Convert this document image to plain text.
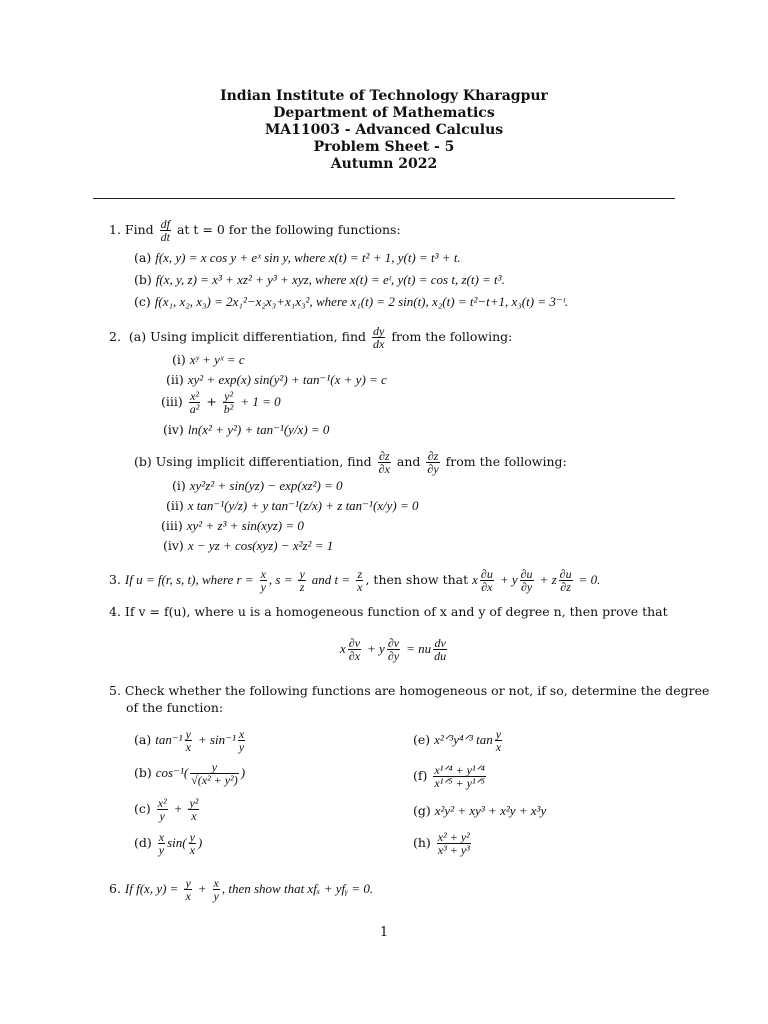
Indian Institute of Technology Kharagpur
Department of Mathematics
MA11003 - Advanced Calculus
Problem Sheet - 5
Autumn 2022
1. Find $\frac{df}{dt}$ at t = 0 for the following functions:
(a) f(x, y) = x cos y + eˣ sin y, where x(t) = t² + 1, y(t) = t³ + t.
(b) f(x, y, z) = x³ + xz² + y³ + xyz, where x(t) = eᵗ, y(t) = cos t, z(t) = t³.
(c) f(x₁, x₂, x₃) = 2x₁²−x₂x₃+x₁x₃², where x₁(t) = 2 sin(t), x₂(t) = t²−t+1, x₃(t) = 3⁻ᵗ.
2. (a) Using implicit differentiation, find $\frac{dy}{dx}$ from the following:
(i) xʸ + yˣ = c
(ii) xy² + exp(x) sin(y²) + tan⁻¹(x + y) = c
$(iii) \frac{\text{x²}}{\text{a²}} + \frac{\text{y²}}{\text{b²}} + 1 = 0$
(iv) ln(x² + y²) + tan⁻¹(y/x) = 0
(b) Using implicit differentiation, find $\frac{\partial z}{\partial x}$ and $\frac{\partial z}{\partial y}$ from the following:
(i) xy²z² + sin(yz) − exp(xz²) = 0
(ii) x tan⁻¹(y/z) + y tan⁻¹(z/x) + z tan⁻¹(x/y) = 0
(iii) xy² + z³ + sin(xyz) = 0
(iv) x − yz + cos(xyz) − x²z² = 1
3. If u = f(r, s, t), where $r = \frac{x}{y}$ , $s = \frac{y}{z}$ and $t = \frac{z}{x}$ , then show that x $\frac{\partial u}{\partial x} + y \frac{\partial u}{\partial y} + z \frac{\partial u}{\partial z} = 0$.
4. If v = f(u), where u is a homogeneous function of x and y of degree n, then prove that
x $\frac{\partial v}{\partial x} + y \frac{\partial v}{\partial y}$ = nu $\frac{dv}{du}$
5. Check whether the following functions are homogeneous or not, if so, determine the degree
of the function:
(a) $\tan^{-1} \frac{y}{x} + \sin^{-1} \frac{x}{y}$
(b) $\cos^{-1}( \frac{y}{\text{√(x² + y²)}}$ )
$(c) \frac{\text{x²}}{y} + \frac{\text{y²}}{x}$
$(d) \frac{x}{y} \sin( \frac{y}{x}$ )
(e) x²ᐟ³y⁴ᐟ³ $\tan \frac{y}{x}$
$(f) \frac{\text{x¹ᐟ⁴ + y¹ᐟ⁴}}{\text{x¹ᐟ⁵ + y¹ᐟ⁵}}$
(g) x²y² + xy³ + x²y + x³y
$(h) \frac{\text{x² + y²}}{\text{x³ + y³}}$
6. If f(x, $y) = \frac{y}{x} + \frac{x}{y}$ , then show that xfₓ + yfᵧ = 0.
1
